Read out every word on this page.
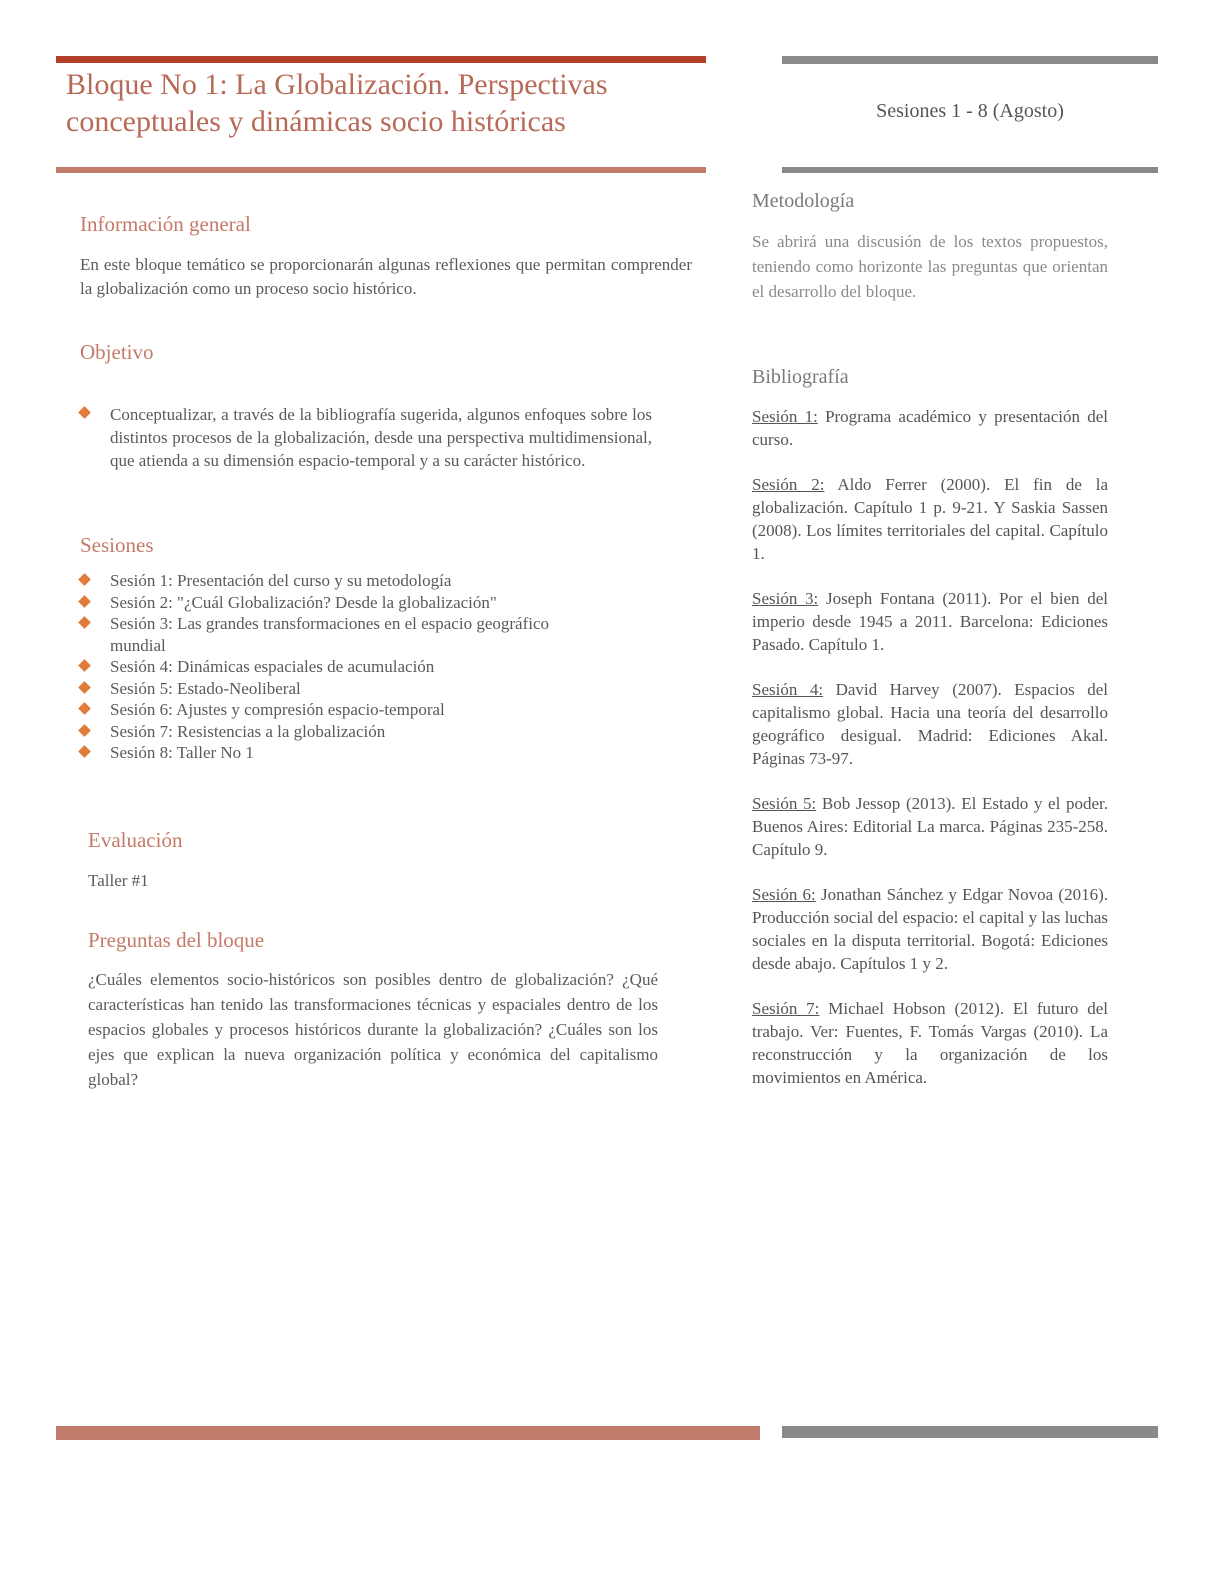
Bloque No 1: La Globalización. Perspectivas conceptuales y dinámicas socio históricas	Sesiones 1 - 8 (Agosto)
Información general

En este bloque temático se proporcionarán algunas reflexiones que permitan comprender la globalización como un proceso socio histórico.

Objetivo
Conceptualizar, a través de la bibliografía sugerida, algunos enfoques sobre los distintos procesos de la globalización, desde una perspectiva multidimensional, que atienda a su dimensión espacio-temporal y a su carácter histórico.
Sesiones
Sesión 1: Presentación del curso y su metodología
Sesión 2: "¿Cuál Globalización? Desde la globalización"
Sesión 3: Las grandes transformaciones en el espacio geográfico mundial
Sesión 4: Dinámicas espaciales de acumulación
Sesión 5: Estado-Neoliberal
Sesión 6: Ajustes y compresión espacio-temporal
Sesión 7: Resistencias a la globalización
Sesión 8: Taller No 1
Evaluación

Taller #1

Preguntas del bloque

¿Cuáles elementos socio-históricos son posibles dentro de globalización? ¿Qué características han tenido las transformaciones técnicas y espaciales dentro de los espacios globales y procesos históricos durante la globalización? ¿Cuáles son los ejes que explican la nueva organización política y económica del capitalismo global?

Metodología

Se abrirá una discusión de los textos propuestos, teniendo como horizonte las preguntas que orientan el desarrollo del bloque.

Bibliografía

Sesión 1: Programa académico y presentación del curso.

Sesión 2: Aldo Ferrer (2000). El fin de la globalización. Capítulo 1 p. 9-21. Y Saskia Sassen (2008). Los límites territoriales del capital. Capítulo 1.

Sesión 3: Joseph Fontana (2011). Por el bien del imperio desde 1945 a 2011. Barcelona: Ediciones Pasado. Capítulo 1.

Sesión 4: David Harvey (2007). Espacios del capitalismo global. Hacia una teoría del desarrollo geográfico desigual. Madrid: Ediciones Akal. Páginas 73-97.

Sesión 5: Bob Jessop (2013). El Estado y el poder. Buenos Aires: Editorial La marca. Páginas 235-258. Capítulo 9.

Sesión 6: Jonathan Sánchez y Edgar Novoa (2016). Producción social del espacio: el capital y las luchas sociales en la disputa territorial. Bogotá: Ediciones desde abajo. Capítulos 1 y 2.

Sesión 7: Michael Hobson (2012). El futuro del trabajo. Ver: Fuentes, F. Tomás Vargas (2010). La reconstrucción y la organización de los movimientos en América.
